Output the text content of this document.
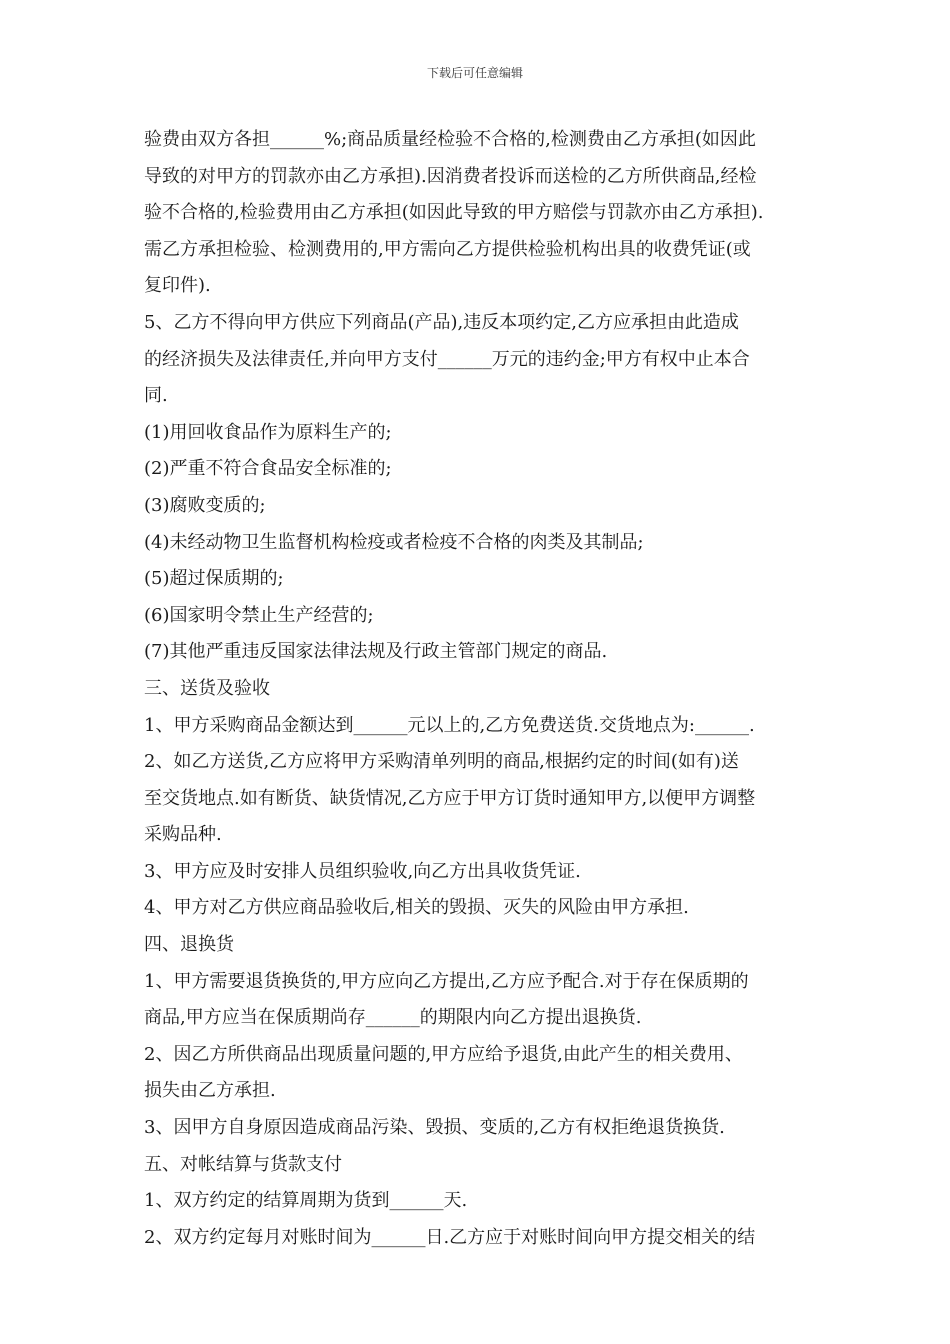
下载后可任意编辑
验费由双方各担______%;商品质量经检验不合格的,检测费由乙方承担(如因此
导致的对甲方的罚款亦由乙方承担).因消费者投诉而送检的乙方所供商品,经检
验不合格的,检验费用由乙方承担(如因此导致的甲方赔偿与罚款亦由乙方承担).
需乙方承担检验、检测费用的,甲方需向乙方提供检验机构出具的收费凭证(或
复印件).
5、乙方不得向甲方供应下列商品(产品),违反本项约定,乙方应承担由此造成
的经济损失及法律责任,并向甲方支付______万元的违约金;甲方有权中止本合
同.
(1)用回收食品作为原料生产的;
(2)严重不符合食品安全标准的;
(3)腐败变质的;
(4)未经动物卫生监督机构检疫或者检疫不合格的肉类及其制品;
(5)超过保质期的;
(6)国家明令禁止生产经营的;
(7)其他严重违反国家法律法规及行政主管部门规定的商品.
三、送货及验收
1、甲方采购商品金额达到______元以上的,乙方免费送货.交货地点为:______.
2、如乙方送货,乙方应将甲方采购清单列明的商品,根据约定的时间(如有)送
至交货地点.如有断货、缺货情况,乙方应于甲方订货时通知甲方,以便甲方调整
采购品种.
3、甲方应及时安排人员组织验收,向乙方出具收货凭证.
4、甲方对乙方供应商品验收后,相关的毁损、灭失的风险由甲方承担.
四、退换货
1、甲方需要退货换货的,甲方应向乙方提出,乙方应予配合.对于存在保质期的
商品,甲方应当在保质期尚存______的期限内向乙方提出退换货.
2、因乙方所供商品出现质量问题的,甲方应给予退货,由此产生的相关费用、
损失由乙方承担.
3、因甲方自身原因造成商品污染、毁损、变质的,乙方有权拒绝退货换货.
五、对帐结算与货款支付
1、双方约定的结算周期为货到______天.
2、双方约定每月对账时间为______日.乙方应于对账时间向甲方提交相关的结
